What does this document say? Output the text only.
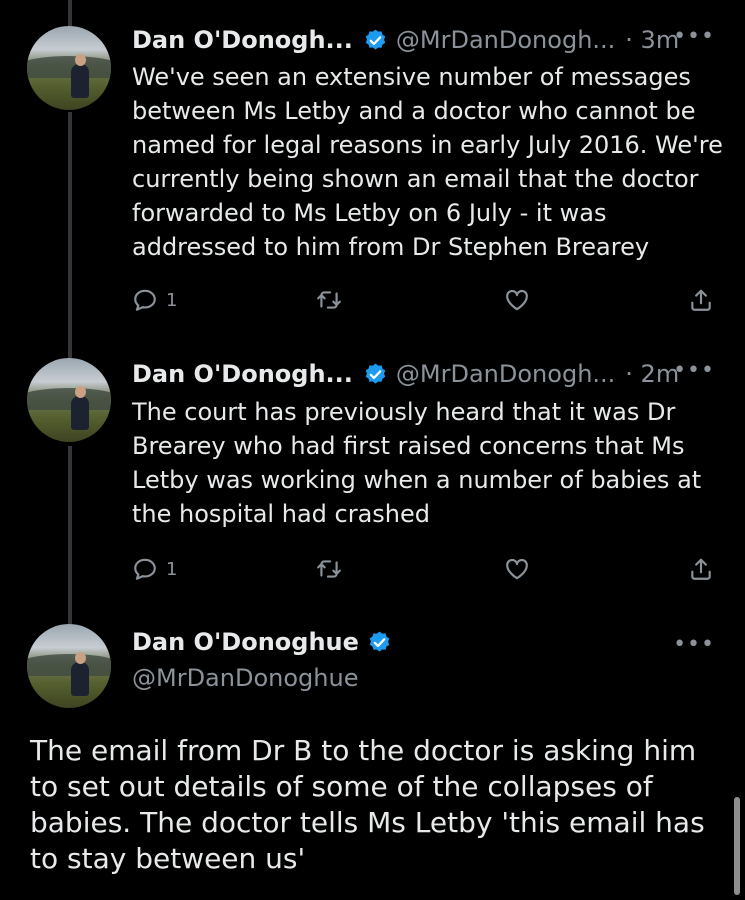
Dan O'Donogh... @MrDanDonogh... · 3m
•••

We've seen an extensive number of messages between Ms Letby and a doctor who cannot be named for legal reasons in early July 2016. We're currently being shown an email that the doctor forwarded to Ms Letby on 6 July - it was addressed to him from Dr Stephen Brearey

1
Dan O'Donogh... @MrDanDonogh... · 2m
•••

The court has previously heard that it was Dr Brearey who had first raised concerns that Ms Letby was working when a number of babies at the hospital had crashed

1
Dan O'Donoghue
@MrDanDonoghue
•••

The email from Dr B to the doctor is asking him to set out details of some of the collapses of babies. The doctor tells Ms Letby 'this email has to stay between us'
